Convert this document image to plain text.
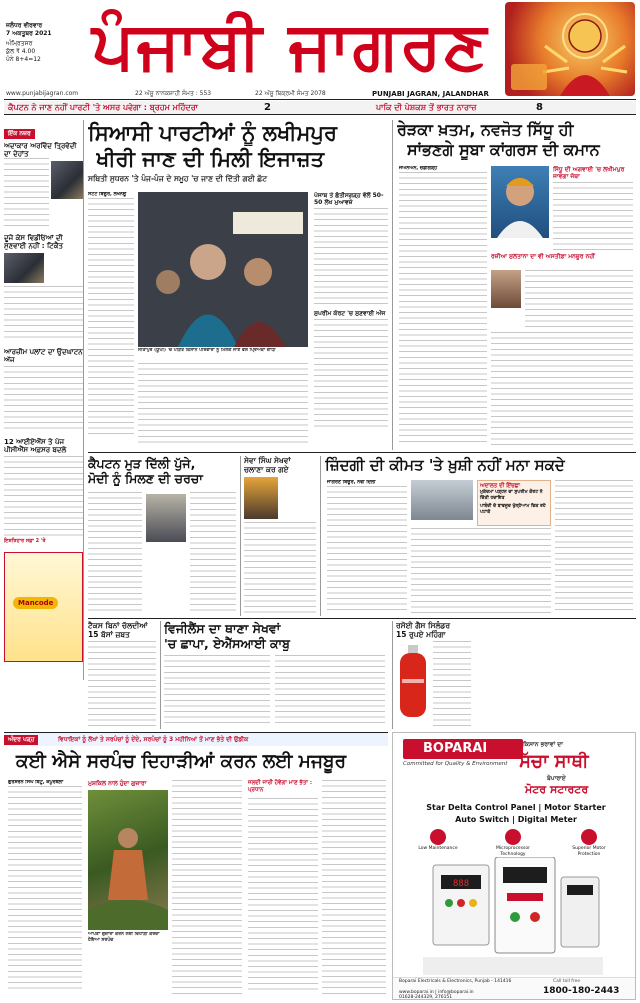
ਜਲੰਧਰ ਵੀਰਵਾਰ
7 ਅਕਤੂਬਰ 2021
ਅੰਮ੍ਰਿਤਸਰ
ਕੁੱਲ ₹ 4.00
ਪੰਨੇ 8+4=12 ਪੰਜਾਬੀ ਜਾਗਰਣ
www.punjabijagran.com	22 ਅੱਸੂ ਨਾਨਕਸ਼ਾਹੀ ਸੰਮਤ : 553	22 ਅੱਸੂ ਬਿਕ੍ਰਮੀ ਸੰਮਤ 2078	PUNJABI JAGRAN, JALANDHAR
ਕੈਪਟਨ ਨੇ ਜਾਣ ਨਹੀਂ ਪਾਰਟੀ 'ਤੇ ਅਸਰ ਪਵੇਗਾ : ਬ੍ਰਹਮ ਮਹਿੰਦਰਾ	2	ਪਾਕਿ ਦੀ ਪੇਸ਼ਕਸ਼ ਤੋਂ ਭਾਰਤ ਨਾਰਾਜ਼	8
ਇੱਕ ਨਜ਼ਰ
ਅਦਾਕਾਰ ਅਰਵਿੰਦ ਤ੍ਰਿਵੇਦੀ ਦਾ ਦੇਹਾਂਤ
ਦੂਜੇ ਕੇਸ ਵਿਡੀਓਆਂ ਦੀ ਸੁਣਵਾਈ ਨਹੀਂ : ਟਿਕੈਤ
ਆਰਜ਼ੀਮ ਪਲਾਂਟ ਦਾ ਉਦਘਾਟਨ ਅੱਜ
12 ਆਈਏਐੱਸ ਤੇ ਪੰਜ ਪੀਸੀਐੱਸ ਅਫ਼ਸਰ ਬਦਲੇ
ਇਸ਼ਤਿਹਾਰ ਸਫ਼ਾ 2 'ਤੇ
Mancode
ਸਿਆਸੀ ਪਾਰਟੀਆਂ ਨੂੰ ਲਖੀਮਪੁਰ
ਖੀਰੀ ਜਾਣ ਦੀ ਮਿਲੀ ਇਜਾਜ਼ਤ
ਸਥਿਤੀ ਸੁਧਰਨ 'ਤੇ ਪੰਜ-ਪੰਜ ਦੇ ਸਮੂਹ 'ਚ ਜਾਣ ਦੀ ਦਿੱਤੀ ਗਈ ਛੋਟ
ਸਟੇਟ ਬਿਊਰੋ, ਲਖਨਊ
ਸੀਤਾਪੁਰ (ਯੂਪੀ) 'ਚ ਪੀੜਤ ਕਿਸਾਨ ਪਰਿਵਾਰਾਂ ਨੂੰ ਮਿਲਣ ਜਾਣ ਵੇਲੇ ਪ੍ਰਿਅੰਕਾ ਗਾਂਧੀ
ਪੰਜਾਬ ਤੇ ਛੱਤੀਸਗੜ੍ਹ ਵੱਲੋਂ 50-50 ਲੱਖ ਮੁਆਵਜ਼ੇ
ਸੁਪਰੀਮ ਕੋਰਟ 'ਚ ਸੁਣਵਾਈ ਅੱਜ
ਰੇੜਕਾ ਖ਼ਤਮ, ਨਵਜੋਤ ਸਿੱਧੂ ਹੀ
ਸਾਂਭਣਗੇ ਸੂਬਾ ਕਾਂਗਰਸ ਦੀ ਕਮਾਨ
ਜੇਐੱਨਐੱਨ, ਚੰਡੀਗੜ੍ਹ	ਸਿੱਧੂ ਦੀ ਅਗਵਾਈ 'ਚ ਲਖੀਮਪੁਰ ਜਾਵੇਗਾ ਜੱਥਾ
ਰਜ਼ੀਆ ਸੁਲਤਾਨਾ ਦਾ ਵੀ ਅਸਤੀਫ਼ਾ ਮਨਜ਼ੂਰ ਨਹੀਂ
ਕੈਪਟਨ ਮੁੜ ਦਿੱਲੀ ਪੁੱਜੇ,
ਮੋਦੀ ਨੂੰ ਮਿਲਣ ਦੀ ਚਰਚਾ
ਸੇਵਾ ਸਿੰਘ ਸੇਖਵਾਂ
ਚਲਾਣਾ ਕਰ ਗਏ	ਜ਼ਿੰਦਗੀ ਦੀ ਕੀਮਤ 'ਤੇ ਖ਼ੁਸ਼ੀ ਨਹੀਂ ਮਨਾ ਸਕਦੇ
ਜਾਗਰਣ ਬਿਊਰੋ, ਨਵੀਂ ਦਿੱਲੀ
ਅਦਾਲਤ ਦੀ ਇੱਚਛਾ
ਮੁਕੱਦਮਾ ਪੜ੍ਹਨ ਦਾ ਸੁਪਰੀਮ ਕੋਰਟ ਨੇ ਦਿੱਤੀ ਹਦਾਇਤ
ਪਾਬੰਦੀ ਦੇ ਬਾਵਜੂਦ ਖੁੱਲ੍ਹੇਆਮ ਵਿਕ ਰਹੇ ਪਟਾਕੇ
ਟੈਕਸ ਬਿਨਾਂ ਚੱਲਦੀਆਂ
15 ਬੱਸਾਂ ਜ਼ਬਤ	ਵਿਜੀਲੈਂਸ ਦਾ ਥਾਣਾ ਸੇਖਵਾਂ
'ਚ ਛਾਪਾ, ਏਐੱਸਆਈ ਕਾਬੂ
ਰਸੋਈ ਗੈਸ ਸਿਲੰਡਰ
15 ਰੁਪਏ ਮਹਿੰਗਾ
ਅੰਦਰ ਪੜ੍ਹ	ਵਿਧਾਇਕਾਂ ਨੂੰ ਲੱਖਾਂ ਤੇ ਸਰਪੰਚਾਂ ਨੂੰ ਦੇਂਦੇ, ਸਰਪੰਚਾਂ ਨੂੰ 3 ਮਹੀਨਿਆਂ ਤੋਂ ਮਾਣ ਭੱਤੇ ਦੀ ਉਡੀਕ
ਕਈ ਐਸੇ ਸਰਪੰਚ ਦਿਹਾੜੀਆਂ ਕਰਨ ਲਈ ਮਜਬੂਰ
ਗੁਰਸ਼ਰਨ ਸਿੰਘ ਬਿੱਟੂ, ਕਪੂਰਥਲਾ	ਮੁਸ਼ਕਿਲ ਨਾਲ ਹੁੰਦਾ ਗੁਜ਼ਾਰਾ
ਆਪਣਾ ਗੁਜ਼ਾਰਾ ਕਰਨ ਲਈ ਦਿਹਾੜੀ ਕਰਦਾ ਹੋਇਆ ਸਰਪੰਚ
ਜਲਦੀ ਜਾਰੀ ਹੋਵੇਗਾ ਮਾਣ ਭੱਤਾ : ਪ੍ਰਧਾਨ
BOPARAI
Committed for Quality & Environment
ਕਿਸਾਨ ਭਰਾਵਾਂ ਦਾ
ਸੱਚਾ ਸਾਥੀ
ਬੋਪਾਰਾਏ
ਮੋਟਰ ਸਟਾਰਟਰ
Star Delta Control Panel | Motor Starter
Auto Switch | Digital Meter
Low Maintenance	Microprocessor Technology
Superior Motor Protection
888
Boparai Electricals & Electronics, Punjab - 141416
www.boparai.in | info@boparai.in
01628-244329, 276151
Call toll free
1800-180-2443
